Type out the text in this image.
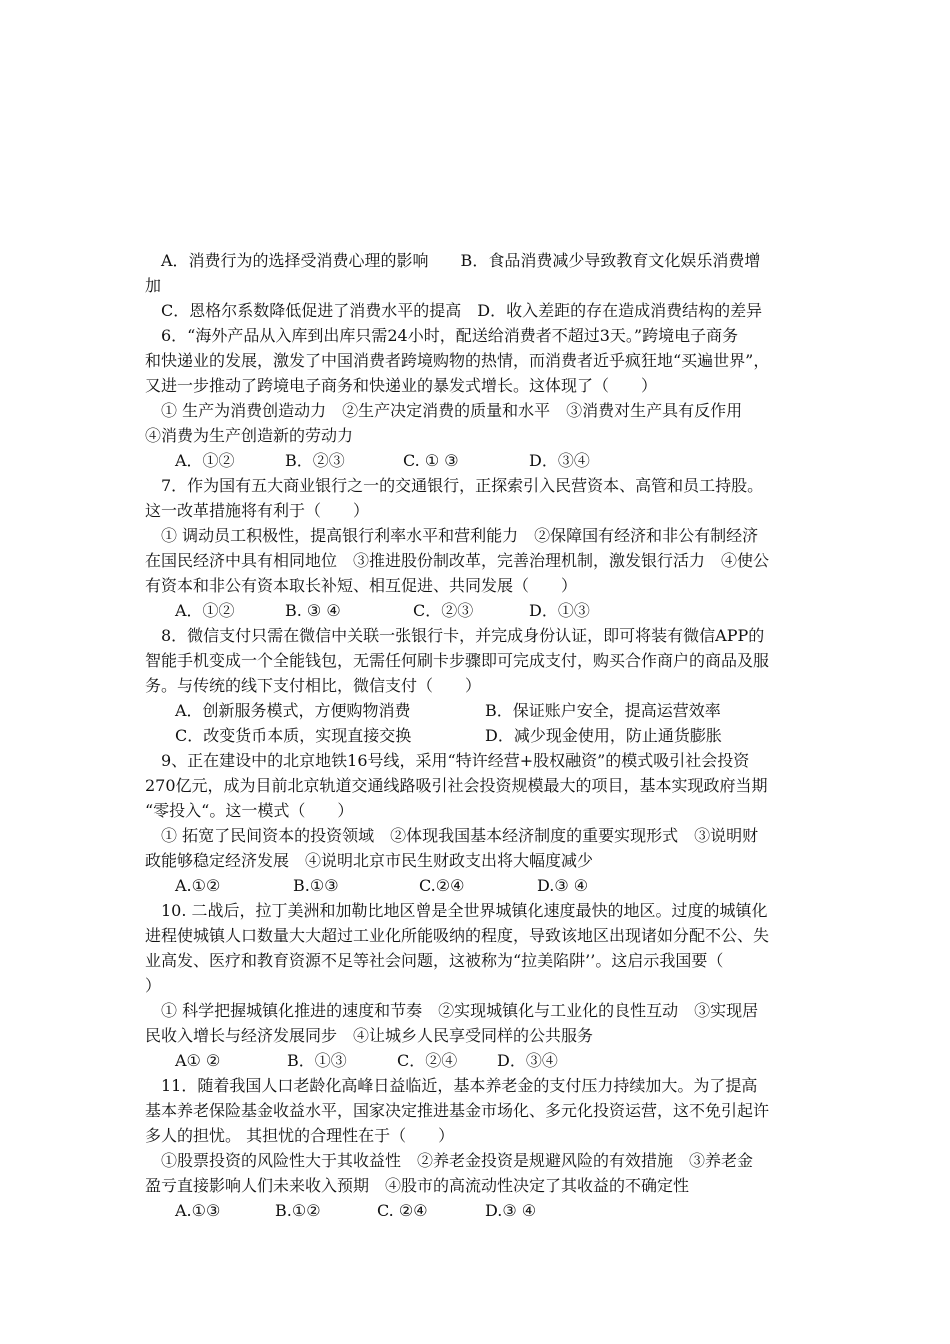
　A．消费行为的选择受消费心理的影响　　B．食品消费减少导致教育文化娱乐消费增
加
　C．恩格尔系数降低促进了消费水平的提高　D．收入差距的存在造成消费结构的差异
　6．“海外产品从入库到出库只需24小时，配送给消费者不超过3天。”跨境电子商务
和快递业的发展，激发了中国消费者跨境购物的热情，而消费者近乎疯狂地“买遍世界”，
又进一步推动了跨境电子商务和快递业的暴发式增长。这体现了（　　）
　① 生产为消费创造动力　②生产决定消费的质量和水平　③消费对生产具有反作用
④消费为生产创造新的劳动力
A．①②	B．②③	C. ① ③	D．③④
　7．作为国有五大商业银行之一的交通银行，正探索引入民营资本、高管和员工持股。
这一改革措施将有利于（　　）
　① 调动员工积极性，提高银行利率水平和营利能力　②保障国有经济和非公有制经济
在国民经济中具有相同地位　③推进股份制改革，完善治理机制，激发银行活力　④使公
有资本和非公有资本取长补短、相互促进、共同发展（　　）
A．①②	B. ③ ④	C．②③	D．①③
　8．微信支付只需在微信中关联一张银行卡，并完成身份认证，即可将装有微信APP的
智能手机变成一个全能钱包，无需任何刷卡步骤即可完成支付，购买合作商户的商品及服
务。与传统的线下支付相比，微信支付（　　）
A．创新服务模式，方便购物消费	B．保证账户安全，提高运营效率
C．改变货币本质，实现直接交换	D．减少现金使用，防止通货膨胀
　9、正在建设中的北京地铁16号线，采用“特许经营+股权融资”的模式吸引社会投资
270亿元，成为目前北京轨道交通线路吸引社会投资规模最大的项目，基本实现政府当期
“零投入“。这一模式（　　）
　① 拓宽了民间资本的投资领域　②体现我国基本经济制度的重要实现形式　③说明财
政能够稳定经济发展　④说明北京市民生财政支出将大幅度减少
A.①②	B.①③	C.②④	D.③ ④
　10. 二战后，拉丁美洲和加勒比地区曾是全世界城镇化速度最快的地区。过度的城镇化
进程使城镇人口数量大大超过工业化所能吸纳的程度，导致该地区出现诸如分配不公、失
业高发、医疗和教育资源不足等社会问题，这被称为“拉美陷阱’’。这启示我国要（
）
　① 科学把握城镇化推进的速度和节奏　②实现城镇化与工业化的良性互动　③实现居
民收入增长与经济发展同步　④让城乡人民享受同样的公共服务
A① ②	B．①③	C．②④	D．③④
　11．随着我国人口老龄化高峰日益临近，基本养老金的支付压力持续加大。为了提高
基本养老保险基金收益水平，国家决定推进基金市场化、多元化投资运营，这不免引起许
多人的担忧。 其担忧的合理性在于（　　）
　①股票投资的风险性大于其收益性　②养老金投资是规避风险的有效措施　③养老金
盈亏直接影响人们未来收入预期　④股市的高流动性决定了其收益的不确定性
A.①③	B.①②	C. ②④	D.③ ④
